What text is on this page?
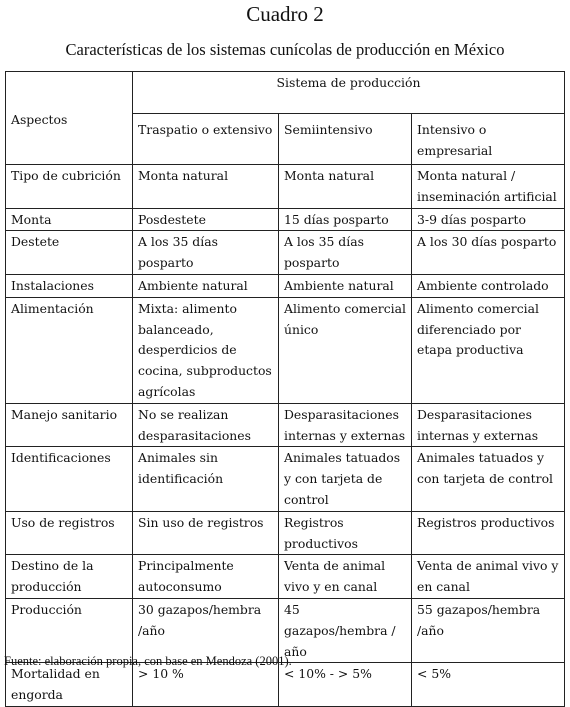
Cuadro 2
Características de los sistemas cunícolas de producción en México
Aspectos	Sistema de producción		
	Traspatio o extensivo	Semiintensivo	Intensivo o empresarial
Tipo de cubrición	Monta natural	Monta natural	Monta natural / inseminación artificial
Monta	Posdestete	15 días posparto	3-9 días posparto
Destete	A los 35 días posparto	A los 35 días posparto	A los 30 días posparto
Instalaciones	Ambiente natural	Ambiente natural	Ambiente controlado
Alimentación	Mixta: alimento balanceado, desperdicios de cocina, subproductos agrícolas	Alimento comercial único	Alimento comercial diferenciado por etapa productiva
Manejo sanitario	No se realizan desparasitaciones	Desparasitaciones internas y externas	Desparasitaciones internas y externas
Identificaciones	Animales sin identificación	Animales tatuados y con tarjeta de control	Animales tatuados y con tarjeta de control
Uso de registros	Sin uso de registros	Registros productivos	Registros productivos
Destino de la producción	Principalmente autoconsumo	Venta de animal vivo y en canal	Venta de animal vivo y en canal
Producción	30 gazapos/hembra /año	45 gazapos/hembra / año	55 gazapos/hembra /año
Mortalidad en engorda	> 10 %	< 10% - > 5%	< 5%
Fuente: elaboración propia, con base en Mendoza (2001).
